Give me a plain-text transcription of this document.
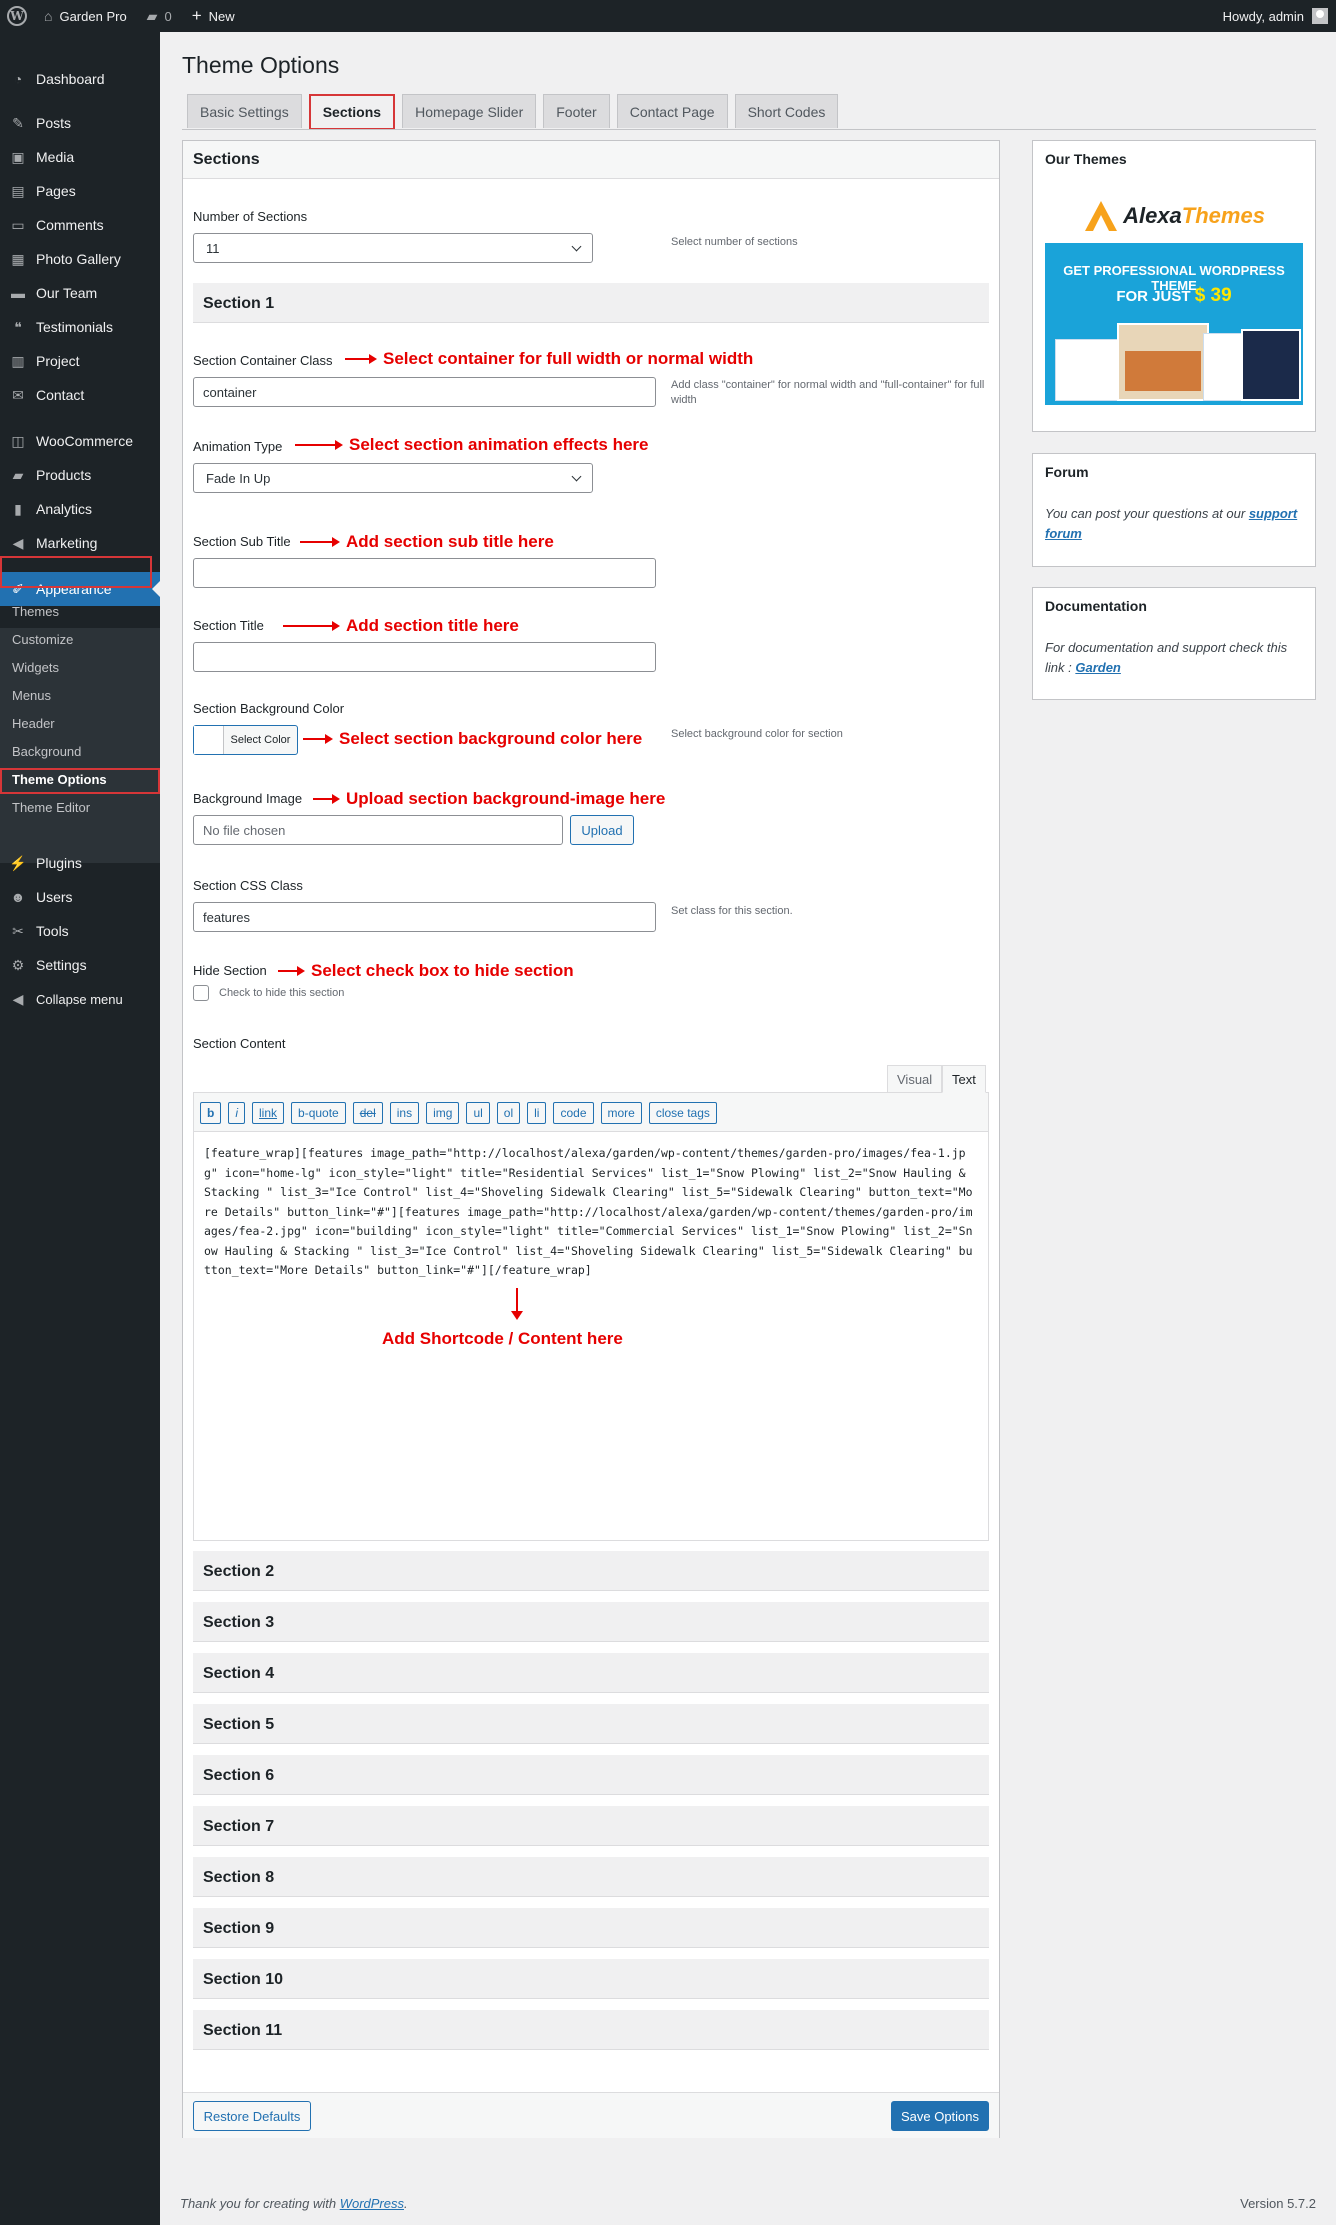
W ⌂ Garden Pro ▰ 0 + New	Howdy, admin
◔ Dashboard
✎ Posts
▣ Media
▤ Pages
▭ Comments
▦ Photo Gallery
▬ Our Team
❝	Testimonials
▥ Project
✉ Contact
◫ WooCommerce
▰ Products
▮	Analytics
◀ Marketing
✐ Appearance
⚡ Plugins
☻ Users
✂ Tools
⚙ Settings
◀ Collapse menu
Theme Options
Basic Settings	Sections	Homepage Slider	Footer	Contact Page	Short Codes
Sections
Number of Sections
11	Select number of sections
Section 1
Section Container Class
container	Add class "container" for normal width and "full-container" for full width
Select container for full width or normal width
Animation Type
Fade In Up
Select section animation effects here
Section Sub Title	Add section sub title here
Section Title	Add section title here
Section Background Color
Select Color	Select background color for section
Select section background color here
Background Image
No file chosen	Upload
Upload section background-image here
Section CSS Class
features	Set class for this section.
Hide Section
Check to hide this section
Select check box to hide section
Section Content
b	i	link	b-quote	del	ins	img	ul	ol	li	code	more	close tags
Visual	Text
[feature_wrap][features image_path="http://localhost/alexa/garden/wp-content/themes/garden-pro/images/fea-1.jpg" icon="home-lg" icon_style="light" title="Residential Services" list_1="Snow Plowing" list_2="Snow Hauling & Stacking " list_3="Ice Control" list_4="Shoveling Sidewalk Clearing" list_5="Sidewalk Clearing" button_text="More Details" button_link="#"][features image_path="http://localhost/alexa/garden/wp-content/themes/garden-pro/images/fea-2.jpg" icon="building" icon_style="light" title="Commercial Services" list_1="Snow Plowing" list_2="Snow Hauling & Stacking " list_3="Ice Control" list_4="Shoveling Sidewalk Clearing" list_5="Sidewalk Clearing" button_text="More Details" button_link="#"][/feature_wrap]
Add Shortcode / Content here
Section 2
Section 3
Section 4
Section 5
Section 6
Section 7
Section 8
Section 9
Section 10
Section 11
Restore Defaults	Save Options
Our Themes
Alexa Themes
GET PROFESSIONAL WORDPRESS THEME
FOR JUST $ 39
Forum
You can post your questions at our support forum
Documentation
For documentation and support check this link : Garden
Thank you for creating with WordPress.	Version 5.7.2
Themes
Customize
Widgets
Menus
Header
Background
Theme Options
Theme Editor
